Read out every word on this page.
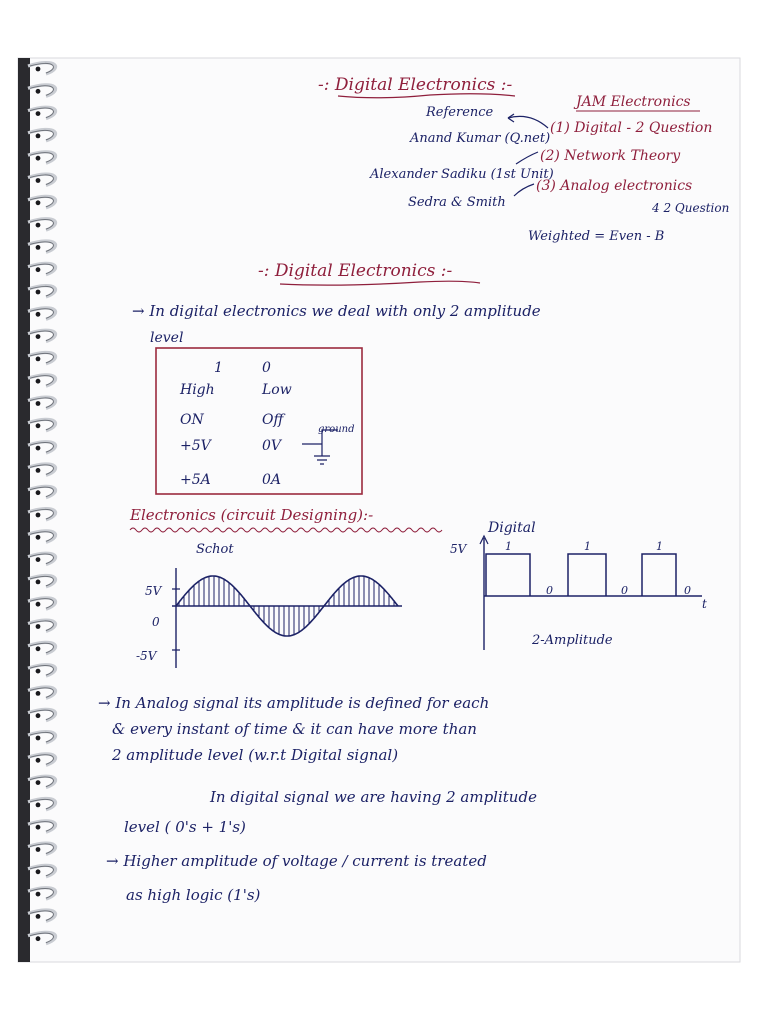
-: Digital Electronics :-
Reference
Anand Kumar (Q.net)
Alexander Sadiku (1st Unit)
Sedra & Smith
JAM Electronics
(1) Digital - 2 Question
(2) Network Theory
(3) Analog electronics
4 2 Question
Weighted = Even - B
-: Digital Electronics :-
→ In digital electronics we deal with only 2 amplitude
level
1	0
High	Low
ON	Off
+5V	0V
+5A	0A
ground
Electronics (circuit Designing):-
Schot
5V
0
-5V
Digital
5V	1
0
1
0
1
0
t
2-Amplitude
→ In Analog signal its amplitude is defined for each
& every instant of time & it can have more than
2 amplitude level (w.r.t Digital signal)
In digital signal we are having 2 amplitude
level ( 0's + 1's)
→ Higher amplitude of voltage / current is treated
as high logic (1's)
